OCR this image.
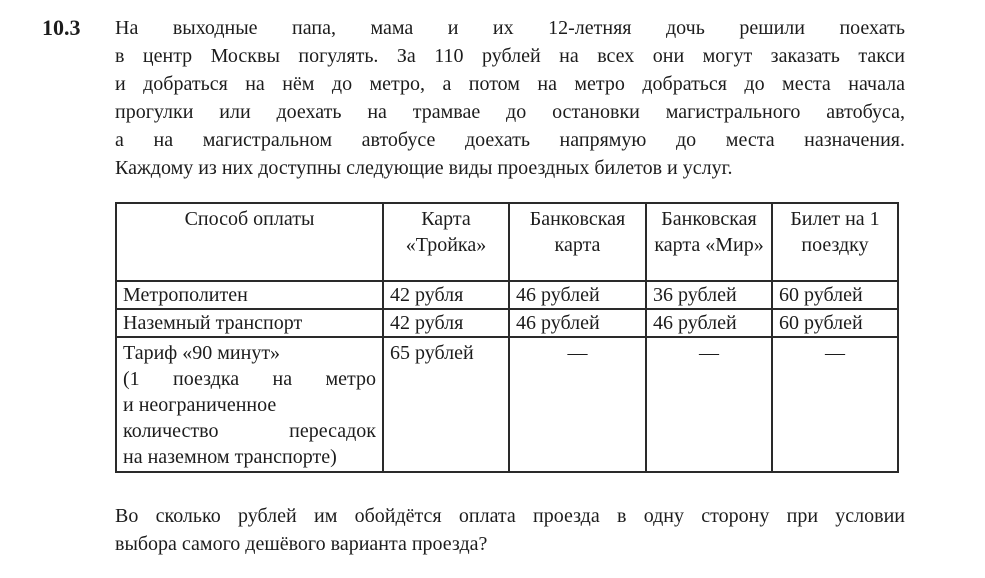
10.3 На выходные папа, мама и их 12-летняя дочь решили поехать
в центр Москвы погулять. За 110 рублей на всех они могут заказать такси
и добраться на нём до метро, а потом на метро добраться до места начала
прогулки или доехать на трамвае до остановки магистрального автобуса,
а на магистральном автобусе доехать напрямую до места назначения.
Каждому из них доступны следующие виды проездных билетов и услуг.
Способ оплаты	Карта «Тройка»	Банковская карта	Банковская карта «Мир»	Билет на 1 поездку
Метрополитен	42 рубля	46 рублей	36 рублей	60 рублей
Наземный транспорт	42 рубля	46 рублей	46 рублей	60 рублей

Тариф «90 минут»
(1 поездка на метро
и неограниченное
количество пересадок
на наземном транспорте)	65 рублей	—	—	—
Во сколько рублей им обойдётся оплата проезда в одну сторону при условии
выбора самого дешёвого варианта проезда?
